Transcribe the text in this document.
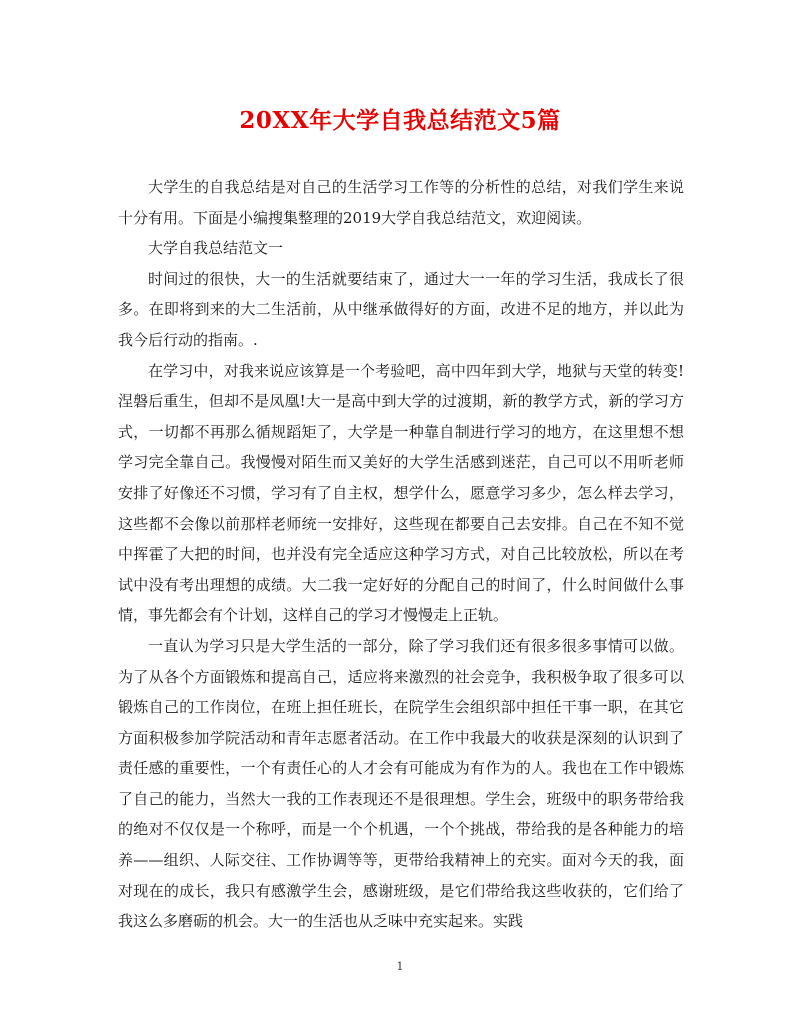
20XX年大学自我总结范文5篇

大学生的自我总结是对自己的生活学习工作等的分析性的总结，对我们学生来说十分有用。下面是小编搜集整理的2019大学自我总结范文，欢迎阅读。

大学自我总结范文一

时间过的很快，大一的生活就要结束了，通过大一一年的学习生活，我成长了很多。在即将到来的大二生活前，从中继承做得好的方面，改进不足的地方，并以此为我今后行动的指南。.

在学习中，对我来说应该算是一个考验吧，高中四年到大学，地狱与天堂的转变!涅磐后重生，但却不是凤凰!大一是高中到大学的过渡期，新的教学方式，新的学习方式，一切都不再那么循规蹈矩了，大学是一种靠自制进行学习的地方，在这里想不想学习完全靠自己。我慢慢对陌生而又美好的大学生活感到迷茫，自己可以不用听老师安排了好像还不习惯，学习有了自主权，想学什么，愿意学习多少，怎么样去学习，这些都不会像以前那样老师统一安排好，这些现在都要自己去安排。自己在不知不觉中挥霍了大把的时间，也并没有完全适应这种学习方式，对自己比较放松，所以在考试中没有考出理想的成绩。大二我一定好好的分配自己的时间了，什么时间做什么事情，事先都会有个计划，这样自己的学习才慢慢走上正轨。

一直认为学习只是大学生活的一部分，除了学习我们还有很多很多事情可以做。为了从各个方面锻炼和提高自己，适应将来激烈的社会竞争，我积极争取了很多可以锻炼自己的工作岗位，在班上担任班长，在院学生会组织部中担任干事一职，在其它方面积极参加学院活动和青年志愿者活动。在工作中我最大的收获是深刻的认识到了责任感的重要性，一个有责任心的人才会有可能成为有作为的人。我也在工作中锻炼了自己的能力，当然大一我的工作表现还不是很理想。学生会，班级中的职务带给我的绝对不仅仅是一个称呼，而是一个个机遇，一个个挑战，带给我的是各种能力的培养——组织、人际交往、工作协调等等，更带给我精神上的充实。面对今天的我，面对现在的成长，我只有感激学生会，感谢班级，是它们带给我这些收获的，它们给了我这么多磨砺的机会。大一的生活也从乏味中充实起来。实践

1
